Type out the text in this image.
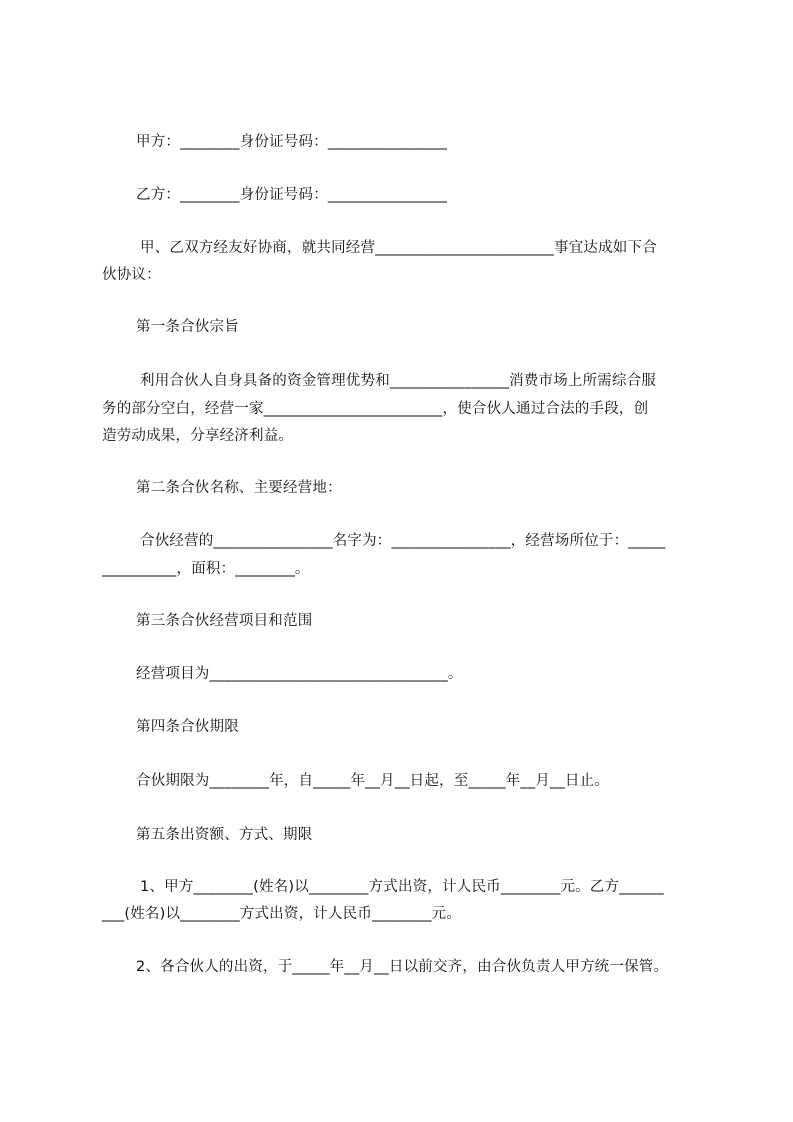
甲方：________身份证号码：________________
乙方：________身份证号码：________________
甲、乙双方经友好协商，就共同经营________________________事宜达成如下合
伙协议：
第一条合伙宗旨
利用合伙人自身具备的资金管理优势和________________消费市场上所需综合服
务的部分空白，经营一家________________________，使合伙人通过合法的手段，创
造劳动成果，分享经济利益。
第二条合伙名称、主要经营地：
合伙经营的________________名字为：________________，经营场所位于：_____
__________，面积：________。
第三条合伙经营项目和范围
经营项目为________________________________。
第四条合伙期限
合伙期限为________年，自_____年__月__日起，至_____年__月__日止。
第五条出资额、方式、期限
1、甲方________(姓名)以________方式出资，计人民币________元。乙方______
___(姓名)以________方式出资，计人民币________元。
2、各合伙人的出资，于_____年__月__日以前交齐，由合伙负责人甲方统一保管。
